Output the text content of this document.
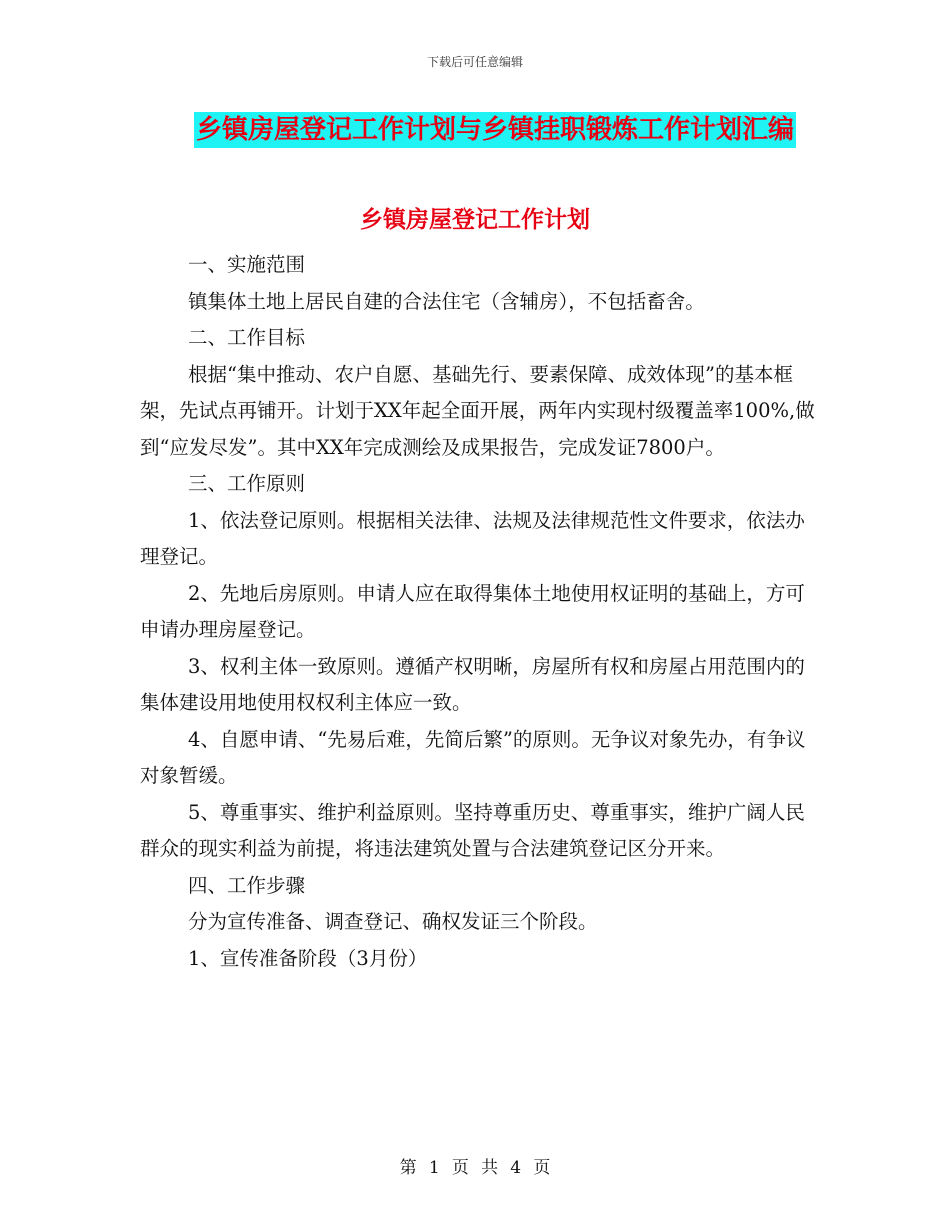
下载后可任意编辑
乡镇房屋登记工作计划与乡镇挂职锻炼工作计划汇编
乡镇房屋登记工作计划

一、实施范围

镇集体土地上居民自建的合法住宅（含辅房），不包括畜舍。

二、工作目标

根据“集中推动、农户自愿、基础先行、要素保障、成效体现”的基本框架，先试点再铺开。计划于XX年起全面开展，两年内实现村级覆盖率100%,做到“应发尽发”。其中XX年完成测绘及成果报告，完成发证7800户。

三、工作原则

1、依法登记原则。根据相关法律、法规及法律规范性文件要求，依法办理登记。

2、先地后房原则。申请人应在取得集体土地使用权证明的基础上，方可申请办理房屋登记。

3、权利主体一致原则。遵循产权明晰，房屋所有权和房屋占用范围内的集体建设用地使用权权利主体应一致。

4、自愿申请、“先易后难，先简后繁”的原则。无争议对象先办，有争议对象暂缓。

5、尊重事实、维护利益原则。坚持尊重历史、尊重事实，维护广阔人民群众的现实利益为前提，将违法建筑处置与合法建筑登记区分开来。

四、工作步骤

分为宣传准备、调查登记、确权发证三个阶段。

1、宣传准备阶段（3月份）

第 1 页 共 4 页
